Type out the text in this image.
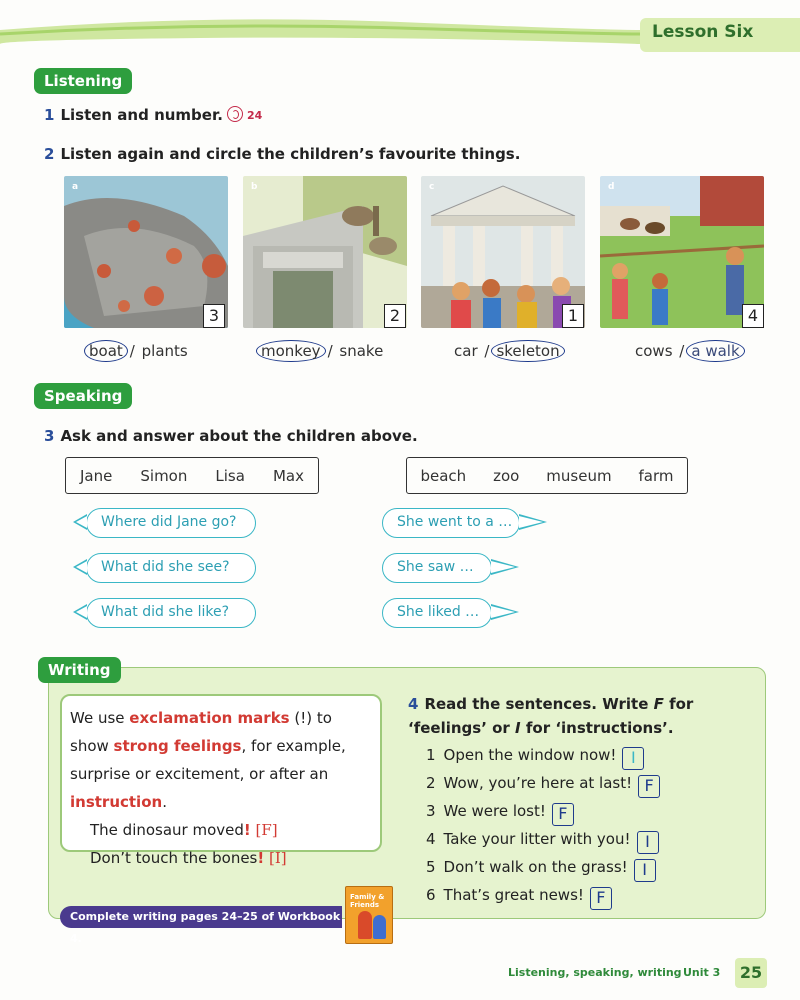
Lesson Six
Listening
1 Listen and number. 24
2 Listen again and circle the children’s favourite things.
a	b	c	d
3	2	1	4
boat / plants	monkey / snake	car / skeleton	cows / a walk
Speaking
3 Ask and answer about the children above.
Jane Simon Lisa Max	beach zoo museum farm
Where did Jane go?
What did she see?
What did she like?
She went to a …
She saw …
She liked …
Writing
We use exclamation marks (!) to show strong feelings, for example, surprise or excitement, or after an instruction.
The dinosaur moved! [F]
Don’t touch the bones! [I]
4 Read the sentences. Write F for ‘feelings’ or I for ‘instructions’.
1 Open the window now! I
2 Wow, you’re here at last! F
3 We were lost! F
4 Take your litter with you! I
5 Don’t walk on the grass! I
6 That’s great news! F
Complete writing pages 24–25 of Workbook 4.
Family & Friends
Listening, speaking, writing Unit 3	25
